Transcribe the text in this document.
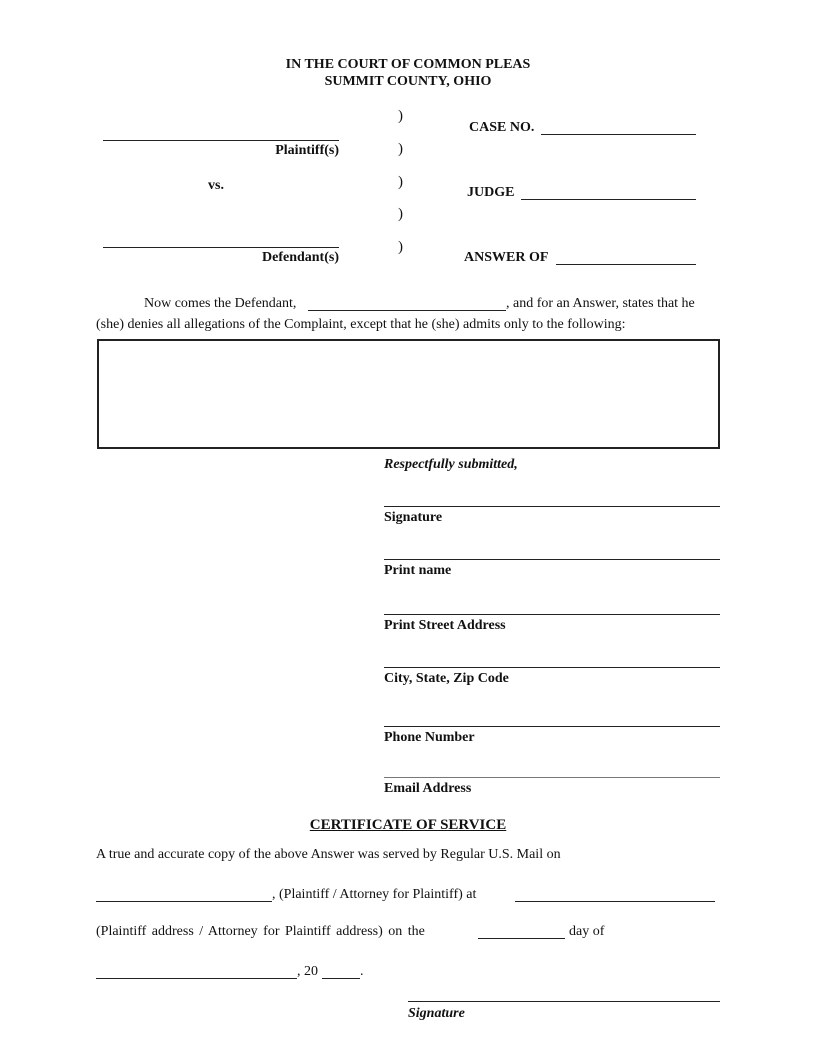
IN THE COURT OF COMMON PLEAS
SUMMIT COUNTY, OHIO
Plaintiff(s)
vs.
Defendant(s)
)
)
)
)
)
CASE NO.
JUDGE
ANSWER OF
Now comes the Defendant,	, and for an Answer, states that he
(she) denies all allegations of the Complaint, except that he (she) admits only to the following:
Respectfully submitted,
Signature
Print name
Print Street Address
City, State, Zip Code
Phone Number
Email Address
CERTIFICATE OF SERVICE
A true and accurate copy of the above Answer was served by Regular U.S. Mail on
, (Plaintiff / Attorney for Plaintiff) at
(Plaintiff address / Attorney for Plaintiff address) on the	day of
, 20	.
Signature
